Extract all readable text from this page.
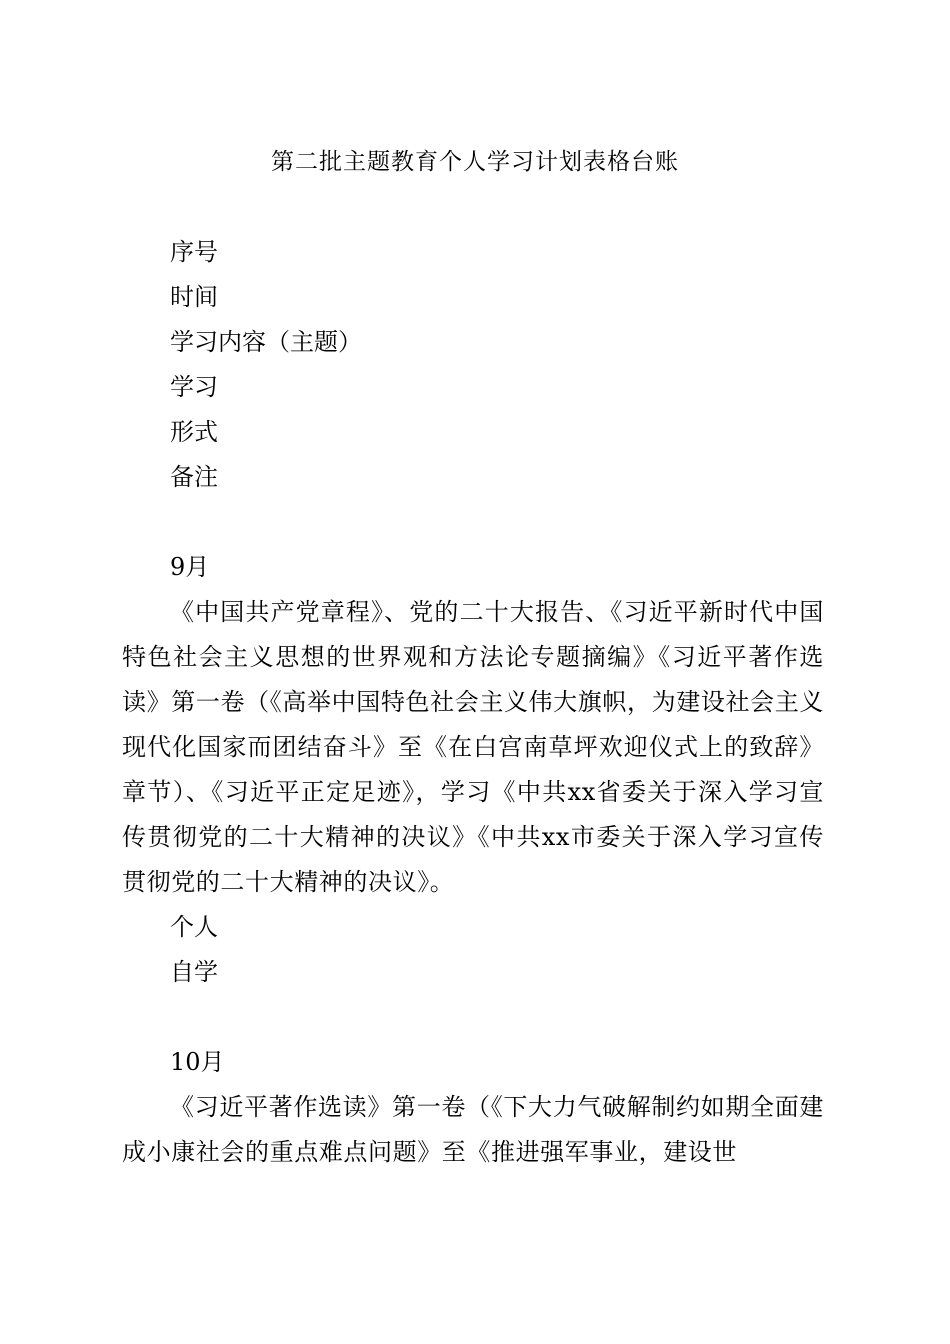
第二批主题教育个人学习计划表格台账

序号

时间

学习内容（主题）

学习

形式

备注

9月

《中国共产党章程》、党的二十大报告、《习近平新时代中国特色社会主义思想的世界观和方法论专题摘编》《习近平著作选读》第一卷（《高举中国特色社会主义伟大旗帜，为建设社会主义现代化国家而团结奋斗》至《在白宫南草坪欢迎仪式上的致辞》章节）、《习近平正定足迹》，学习《中共xx省委关于深入学习宣传贯彻党的二十大精神的决议》《中共xx市委关于深入学习宣传贯彻党的二十大精神的决议》。

个人

自学

10月

《习近平著作选读》第一卷（《下大力气破解制约如期全面建成小康社会的重点难点问题》至《推进强军事业，建设世
